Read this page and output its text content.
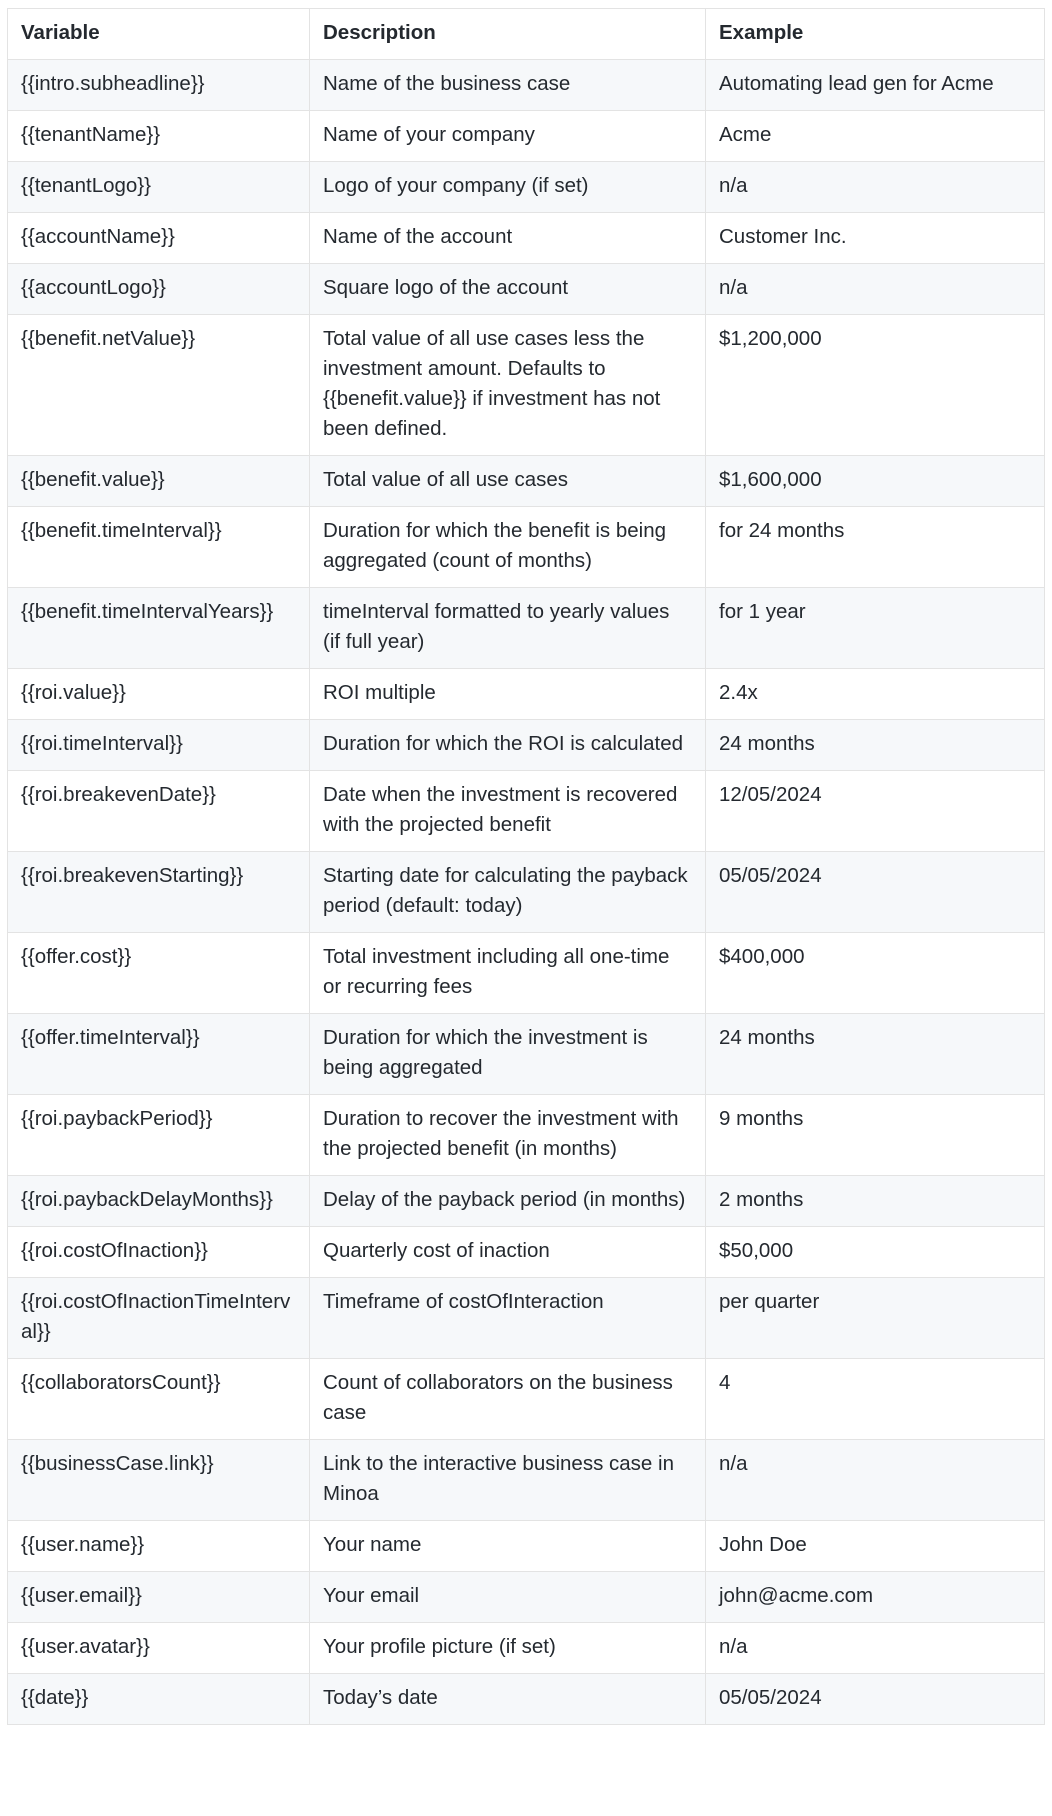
Variable	Description	Example
{{intro.subheadline}}	Name of the business case	Automating lead gen for Acme
{{tenantName}}	Name of your company	Acme
{{tenantLogo}}	Logo of your company (if set)	n/a
{{accountName}}	Name of the account	Customer Inc.
{{accountLogo}}	Square logo of the account	n/a
{{benefit.netValue}}	Total value of all use cases less the investment amount. Defaults to {{benefit.value}} if investment has not been defined.	$1,200,000
{{benefit.value}}	Total value of all use cases	$1,600,000
{{benefit.timeInterval}}	Duration for which the benefit is being aggregated (count of months)	for 24 months
{{benefit.timeIntervalYears}}	timeInterval formatted to yearly values (if full year)	for 1 year
{{roi.value}}	ROI multiple	2.4x
{{roi.timeInterval}}	Duration for which the ROI is calculated	24 months
{{roi.breakevenDate}}	Date when the investment is recovered with the projected benefit	12/05/2024
{{roi.breakevenStarting}}	Starting date for calculating the payback period (default: today)	05/05/2024
{{offer.cost}}	Total investment including all one-time or recurring fees	$400,000
{{offer.timeInterval}}	Duration for which the investment is being aggregated	24 months
{{roi.paybackPeriod}}	Duration to recover the investment with the projected benefit (in months)	9 months
{{roi.paybackDelayMonths}}	Delay of the payback period (in months)	2 months
{{roi.costOfInaction}}	Quarterly cost of inaction	$50,000
{{roi.costOfInactionTimeInterval}}	Timeframe of costOfInteraction	per quarter
{{collaboratorsCount}}	Count of collaborators on the business case	4
{{businessCase.link}}	Link to the interactive business case in Minoa	n/a
{{user.name}}	Your name	John Doe
{{user.email}}	Your email	john@acme.com
{{user.avatar}}	Your profile picture (if set)	n/a
{{date}}	Today’s date	05/05/2024
